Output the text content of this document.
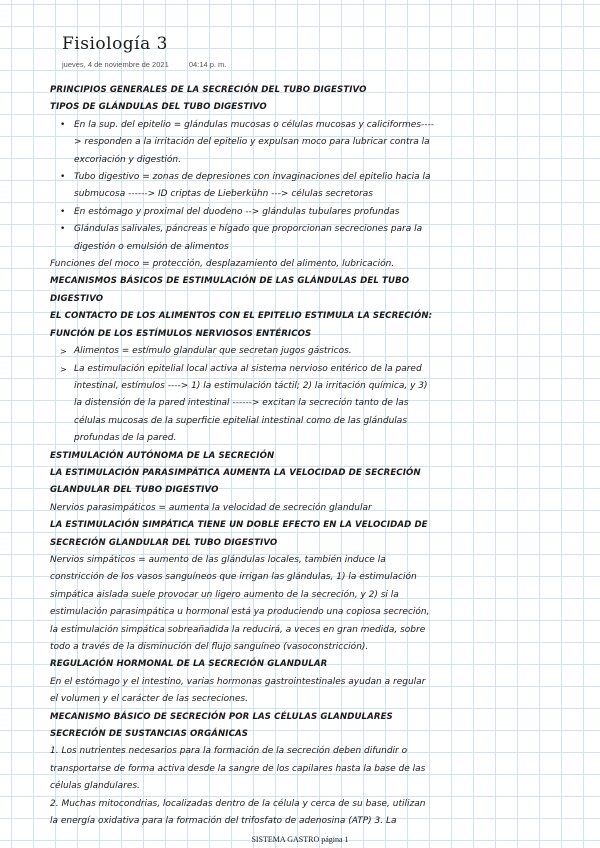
Fisiología 3
jueves, 4 de noviembre de 2021	04:14 p. m.
PRINCIPIOS GENERALES DE LA SECRECIÓN DEL TUBO DIGESTIVO
TIPOS DE GLÁNDULAS DEL TUBO DIGESTIVO
• En la sup. del epitelio = glándulas mucosas o células mucosas y caliciformes----> responden a la irritación del epitelio y expulsan moco para lubricar contra la excoriación y digestión.
• Tubo digestivo = zonas de depresiones con invaginaciones del epitelio hacia la submucosa ------> ID criptas de Lieberkühn ---> células secretoras
• En estómago y proximal del duodeno --> glándulas tubulares profundas
• Glándulas salivales, páncreas e hígado que proporcionan secreciones para la digestión o emulsión de alimentos
Funciones del moco = protección, desplazamiento del alimento, lubricación.
MECANISMOS BÁSICOS DE ESTIMULACIÓN DE LAS GLÁNDULAS DEL TUBO DIGESTIVO
EL CONTACTO DE LOS ALIMENTOS CON EL EPITELIO ESTIMULA LA SECRECIÓN: FUNCIÓN DE LOS ESTÍMULOS NERVIOSOS ENTÉRICOS
> Alimentos = estímulo glandular que secretan jugos gástricos.
> La estimulación epitelial local activa al sistema nervioso entérico de la pared intestinal, estímulos ----> 1) la estimulación táctil; 2) la irritación química, y 3) la distensión de la pared intestinal ------> excitan la secreción tanto de las células mucosas de la superficie epitelial intestinal como de las glándulas profundas de la pared.
ESTIMULACIÓN AUTÓNOMA DE LA SECRECIÓN
LA ESTIMULACIÓN PARASIMPÁTICA AUMENTA LA VELOCIDAD DE SECRECIÓN GLANDULAR DEL TUBO DIGESTIVO
Nervios parasimpáticos = aumenta la velocidad de secreción glandular
LA ESTIMULACIÓN SIMPÁTICA TIENE UN DOBLE EFECTO EN LA VELOCIDAD DE SECRECIÓN GLANDULAR DEL TUBO DIGESTIVO
Nervios simpáticos = aumento de las glándulas locales, también induce la constricción de los vasos sanguíneos que irrigan las glándulas, 1) la estimulación simpática aislada suele provocar un ligero aumento de la secreción, y 2) si la estimulación parasimpática u hormonal está ya produciendo una copiosa secreción, la estimulación simpática sobreañadida la reducirá, a veces en gran medida, sobre todo a través de la disminución del flujo sanguíneo (vasoconstricción).
REGULACIÓN HORMONAL DE LA SECRECIÓN GLANDULAR
En el estómago y el intestino, varias hormonas gastrointestinales ayudan a regular el volumen y el carácter de las secreciones.
MECANISMO BÁSICO DE SECRECIÓN POR LAS CÉLULAS GLANDULARES
SECRECIÓN DE SUSTANCIAS ORGÁNICAS
1. Los nutrientes necesarios para la formación de la secreción deben difundir o transportarse de forma activa desde la sangre de los capilares hasta la base de las células glandulares.
2. Muchas mitocondrias, localizadas dentro de la célula y cerca de su base, utilizan la energía oxidativa para la formación del trifosfato de adenosina (ATP) 3. La
SISTEMA GASTRO página 1
